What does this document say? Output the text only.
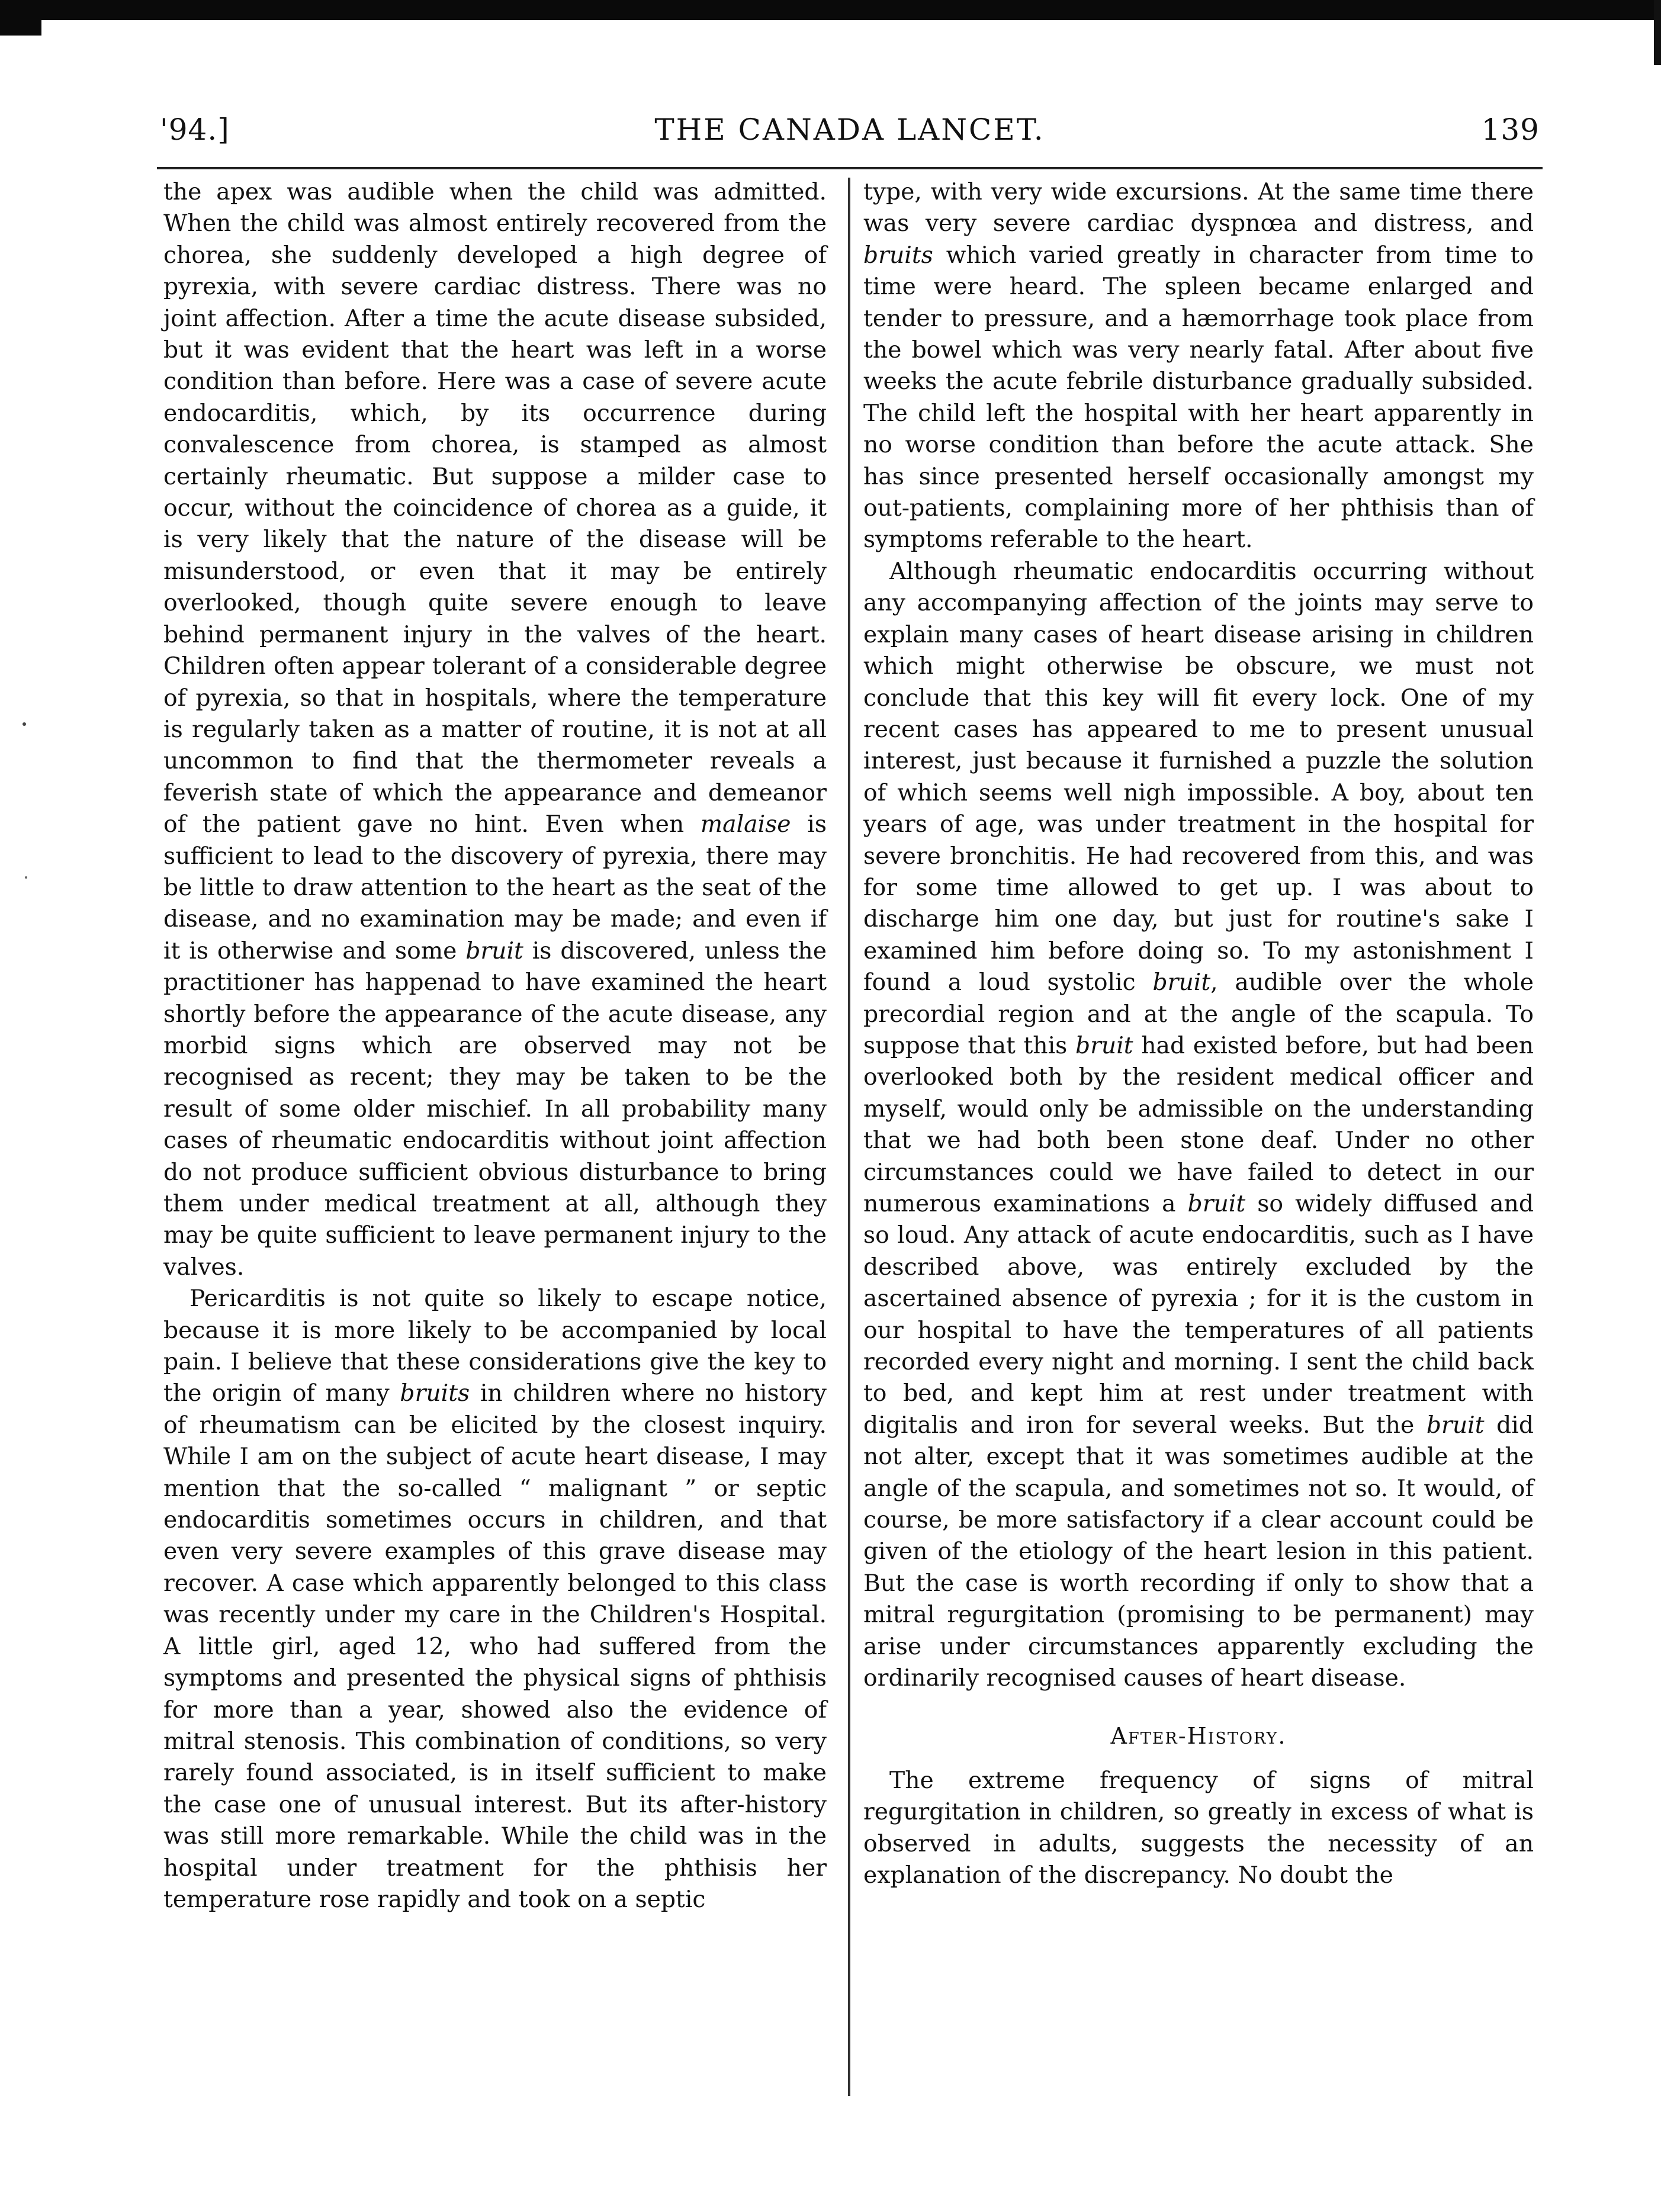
THE CANADA LANCET.
'94.]	139

the apex was audible when the child was admitted. When the child was almost entirely recovered from the chorea, she suddenly developed a high degree of pyrexia, with severe cardiac distress. There was no joint affection. After a time the acute disease subsided, but it was evident that the heart was left in a worse condition than before. Here was a case of severe acute endocarditis, which, by its occurrence during convalescence from chorea, is stamped as almost certainly rheumatic. But suppose a milder case to occur, without the coincidence of chorea as a guide, it is very likely that the nature of the disease will be misunderstood, or even that it may be entirely overlooked, though quite severe enough to leave behind permanent injury in the valves of the heart. Children often appear tolerant of a considerable degree of pyrexia, so that in hospitals, where the temperature is regularly taken as a matter of routine, it is not at all uncommon to find that the thermometer reveals a feverish state of which the appearance and demeanor of the patient gave no hint. Even when malaise is sufficient to lead to the discovery of pyrexia, there may be little to draw attention to the heart as the seat of the disease, and no examination may be made; and even if it is otherwise and some bruit is discovered, unless the practitioner has happenad to have examined the heart shortly before the appearance of the acute disease, any morbid signs which are observed may not be recognised as recent; they may be taken to be the result of some older mischief. In all probability many cases of rheumatic endocarditis without joint affection do not produce sufficient obvious disturbance to bring them under medical treatment at all, although they may be quite sufficient to leave permanent injury to the valves.

Pericarditis is not quite so likely to escape notice, because it is more likely to be accompanied by local pain. I believe that these considerations give the key to the origin of many bruits in children where no history of rheumatism can be elicited by the closest inquiry. While I am on the subject of acute heart disease, I may mention that the so-called “ malignant ” or septic endocarditis sometimes occurs in children, and that even very severe examples of this grave disease may recover. A case which apparently belonged to this class was recently under my care in the Children's Hospital. A little girl, aged 12, who had suffered from the symptoms and presented the physical signs of phthisis for more than a year, showed also the evidence of mitral stenosis. This combination of conditions, so very rarely found associated, is in itself sufficient to make the case one of unusual interest. But its after-history was still more remarkable. While the child was in the hospital under treatment for the phthisis her temperature rose rapidly and took on a septic

type, with very wide excursions. At the same time there was very severe cardiac dyspnœa and distress, and bruits which varied greatly in character from time to time were heard. The spleen became enlarged and tender to pressure, and a hæmorrhage took place from the bowel which was very nearly fatal. After about five weeks the acute febrile disturbance gradually subsided. The child left the hospital with her heart apparently in no worse condition than before the acute attack. She has since presented herself occasionally amongst my out-patients, complaining more of her phthisis than of symptoms referable to the heart.

Although rheumatic endocarditis occurring without any accompanying affection of the joints may serve to explain many cases of heart disease arising in children which might otherwise be obscure, we must not conclude that this key will fit every lock. One of my recent cases has appeared to me to present unusual interest, just because it furnished a puzzle the solution of which seems well nigh impossible. A boy, about ten years of age, was under treatment in the hospital for severe bronchitis. He had recovered from this, and was for some time allowed to get up. I was about to discharge him one day, but just for routine's sake I examined him before doing so. To my astonishment I found a loud systolic bruit, audible over the whole precordial region and at the angle of the scapula. To suppose that this bruit had existed before, but had been overlooked both by the resident medical officer and myself, would only be admissible on the understanding that we had both been stone deaf. Under no other circumstances could we have failed to detect in our numerous examinations a bruit so widely diffused and so loud. Any attack of acute endocarditis, such as I have described above, was entirely excluded by the ascertained absence of pyrexia ; for it is the custom in our hospital to have the temperatures of all patients recorded every night and morning. I sent the child back to bed, and kept him at rest under treatment with digitalis and iron for several weeks. But the bruit did not alter, except that it was sometimes audible at the angle of the scapula, and sometimes not so. It would, of course, be more satisfactory if a clear account could be given of the etiology of the heart lesion in this patient. But the case is worth recording if only to show that a mitral regurgitation (promising to be permanent) may arise under circumstances apparently excluding the ordinarily recognised causes of heart disease.

After-History.

The extreme frequency of signs of mitral regurgitation in children, so greatly in excess of what is observed in adults, suggests the necessity of an explanation of the discrepancy. No doubt the
